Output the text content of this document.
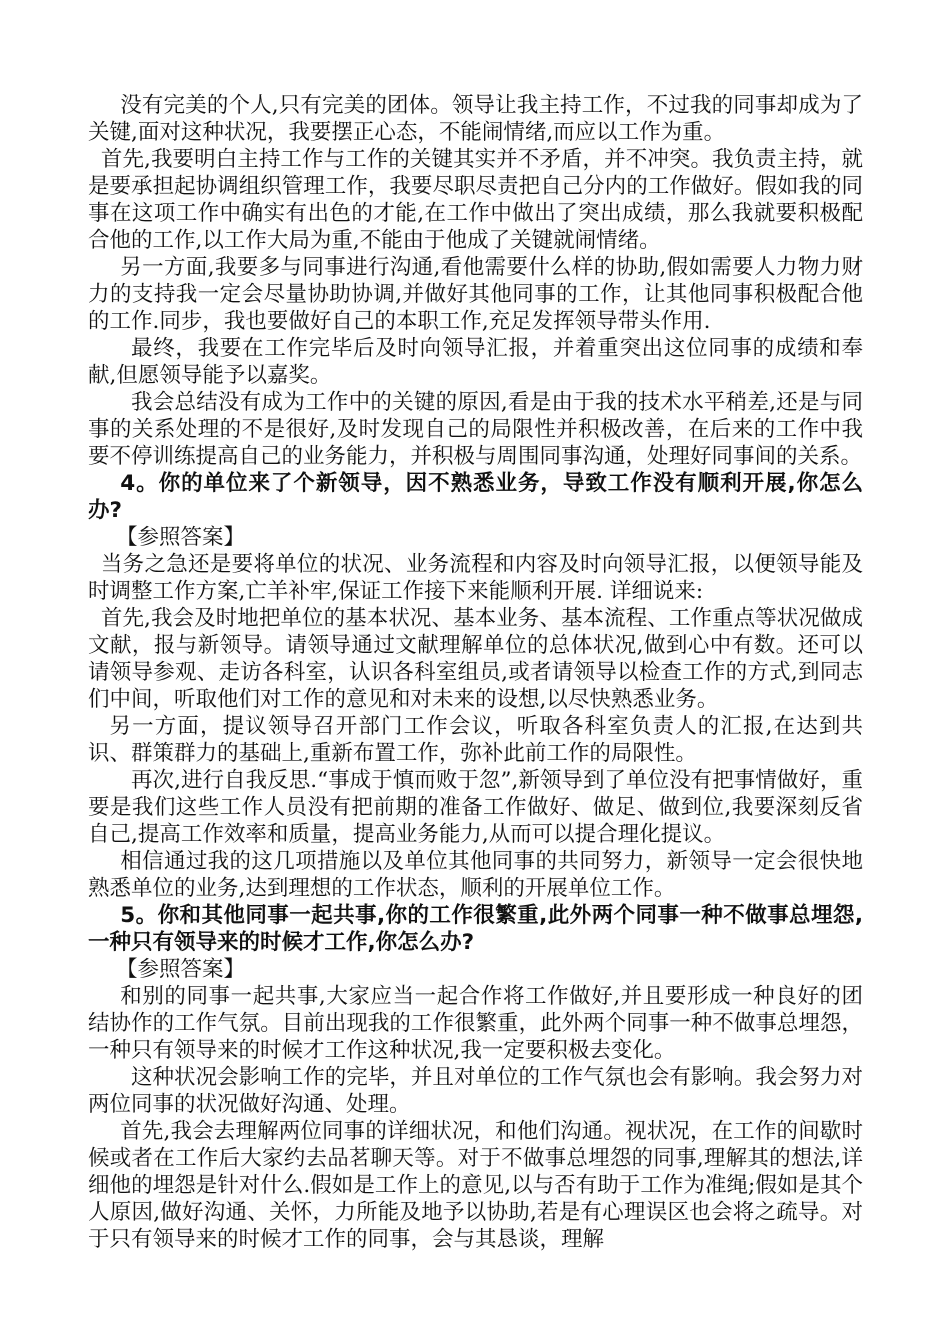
没有完美的个人,只有完美的团体。领导让我主持工作，不过我的同事却成为了关键,面对这种状况，我要摆正心态，不能闹情绪,而应以工作为重。

首先,我要明白主持工作与工作的关键其实并不矛盾，并不冲突。我负责主持，就是要承担起协调组织管理工作，我要尽职尽责把自己分内的工作做好。假如我的同事在这项工作中确实有出色的才能,在工作中做出了突出成绩，那么我就要积极配合他的工作,以工作大局为重,不能由于他成了关键就闹情绪。

另一方面,我要多与同事进行沟通,看他需要什么样的协助,假如需要人力物力财力的支持我一定会尽量协助协调,并做好其他同事的工作，让其他同事积极配合他的工作.同步，我也要做好自己的本职工作,充足发挥领导带头作用.

最终，我要在工作完毕后及时向领导汇报，并着重突出这位同事的成绩和奉献,但愿领导能予以嘉奖。

我会总结没有成为工作中的关键的原因,看是由于我的技术水平稍差,还是与同事的关系处理的不是很好,及时发现自己的局限性并积极改善，在后来的工作中我要不停训练提高自己的业务能力，并积极与周围同事沟通，处理好同事间的关系。

4。你的单位来了个新领导，因不熟悉业务，导致工作没有顺利开展,你怎么办?

【参照答案】

当务之急还是要将单位的状况、业务流程和内容及时向领导汇报，以便领导能及时调整工作方案,亡羊补牢,保证工作接下来能顺利开展. 详细说来:

首先,我会及时地把单位的基本状况、基本业务、基本流程、工作重点等状况做成文献，报与新领导。请领导通过文献理解单位的总体状况,做到心中有数。还可以请领导参观、走访各科室，认识各科室组员,或者请领导以检查工作的方式,到同志们中间，听取他们对工作的意见和对未来的设想,以尽快熟悉业务。

另一方面，提议领导召开部门工作会议，听取各科室负责人的汇报,在达到共识、群策群力的基础上,重新布置工作，弥补此前工作的局限性。

再次,进行自我反思.“事成于慎而败于忽”,新领导到了单位没有把事情做好，重要是我们这些工作人员没有把前期的准备工作做好、做足、做到位,我要深刻反省自己,提高工作效率和质量，提高业务能力,从而可以提合理化提议。

相信通过我的这几项措施以及单位其他同事的共同努力，新领导一定会很快地熟悉单位的业务,达到理想的工作状态，顺利的开展单位工作。

5。你和其他同事一起共事,你的工作很繁重,此外两个同事一种不做事总埋怨,一种只有领导来的时候才工作,你怎么办?

【参照答案】

和别的同事一起共事,大家应当一起合作将工作做好,并且要形成一种良好的团结协作的工作气氛。目前出现我的工作很繁重，此外两个同事一种不做事总埋怨，一种只有领导来的时候才工作这种状况,我一定要积极去变化。

这种状况会影响工作的完毕，并且对单位的工作气氛也会有影响。我会努力对两位同事的状况做好沟通、处理。

首先,我会去理解两位同事的详细状况，和他们沟通。视状况，在工作的间歇时候或者在工作后大家约去品茗聊天等。对于不做事总埋怨的同事,理解其的想法,详细他的埋怨是针对什么.假如是工作上的意见,以与否有助于工作为准绳;假如是其个人原因,做好沟通、关怀，力所能及地予以协助,若是有心理误区也会将之疏导。对于只有领导来的时候才工作的同事，会与其恳谈，理解
